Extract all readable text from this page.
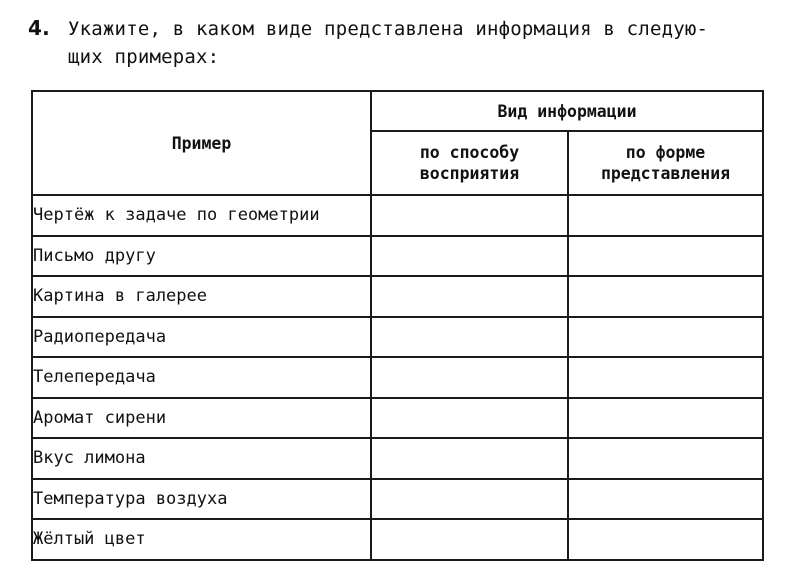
4. Укажите, в каком виде представлена информация в следую-
щих примерах:
Пример	Вид информации	
	по способу восприятия	по форме представления
Чертёж к задаче по геометрии		
Письмо другу		
Картина в галерее		
Радиопередача		
Телепередача		
Аромат сирени		
Вкус лимона		
Температура воздуха		
Жёлтый цвет		
